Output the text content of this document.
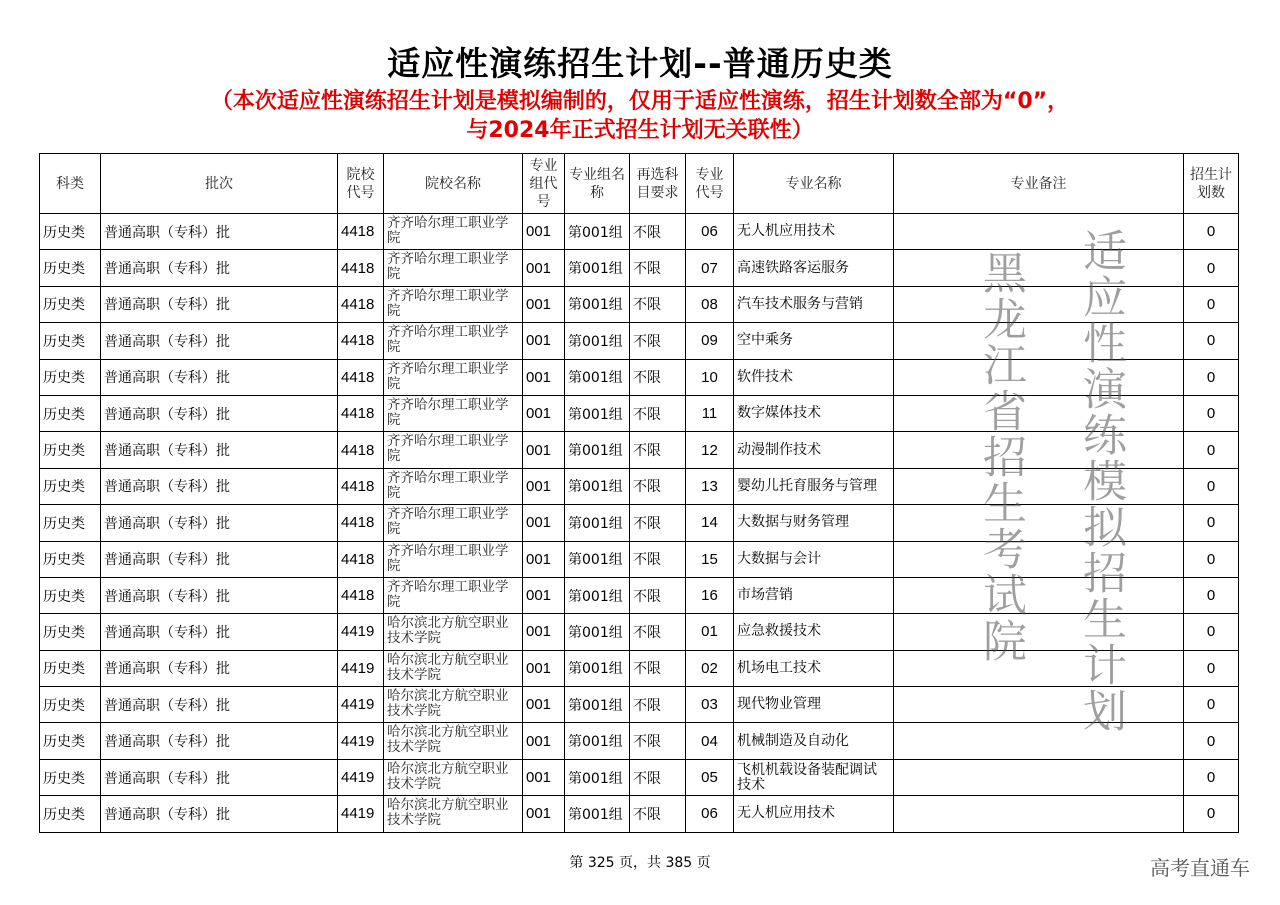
适应性演练招生计划--普通历史类
（本次适应性演练招生计划是模拟编制的，仅用于适应性演练，招生计划数全部为“0”，
与2024年正式招生计划无关联性）
科类	批次	院校代号	院校名称	专业组代号	专业组名称	再选科目要求	专业代号	专业名称	专业备注	招生计划数
历史类	普通高职（专科）批	4418	齐齐哈尔理工职业学院	001	第001组	不限	06	无人机应用技术		0
历史类	普通高职（专科）批	4418	齐齐哈尔理工职业学院	001	第001组	不限	07	高速铁路客运服务		0
历史类	普通高职（专科）批	4418	齐齐哈尔理工职业学院	001	第001组	不限	08	汽车技术服务与营销		0
历史类	普通高职（专科）批	4418	齐齐哈尔理工职业学院	001	第001组	不限	09	空中乘务		0
历史类	普通高职（专科）批	4418	齐齐哈尔理工职业学院	001	第001组	不限	10	软件技术		0
历史类	普通高职（专科）批	4418	齐齐哈尔理工职业学院	001	第001组	不限	11	数字媒体技术		0
历史类	普通高职（专科）批	4418	齐齐哈尔理工职业学院	001	第001组	不限	12	动漫制作技术		0
历史类	普通高职（专科）批	4418	齐齐哈尔理工职业学院	001	第001组	不限	13	婴幼儿托育服务与管理		0
历史类	普通高职（专科）批	4418	齐齐哈尔理工职业学院	001	第001组	不限	14	大数据与财务管理		0
历史类	普通高职（专科）批	4418	齐齐哈尔理工职业学院	001	第001组	不限	15	大数据与会计		0
历史类	普通高职（专科）批	4418	齐齐哈尔理工职业学院	001	第001组	不限	16	市场营销		0
历史类	普通高职（专科）批	4419	哈尔滨北方航空职业技术学院	001	第001组	不限	01	应急救援技术		0
历史类	普通高职（专科）批	4419	哈尔滨北方航空职业技术学院	001	第001组	不限	02	机场电工技术		0
历史类	普通高职（专科）批	4419	哈尔滨北方航空职业技术学院	001	第001组	不限	03	现代物业管理		0
历史类	普通高职（专科）批	4419	哈尔滨北方航空职业技术学院	001	第001组	不限	04	机械制造及自动化		0
历史类	普通高职（专科）批	4419	哈尔滨北方航空职业技术学院	001	第001组	不限	05	飞机机载设备装配调试技术		0
历史类	普通高职（专科）批	4419	哈尔滨北方航空职业技术学院	001	第001组	不限	06	无人机应用技术		0
黑龙江省招生考试院 适应性演练模拟招生计划
第 325 页，共 385 页	高考直通车
